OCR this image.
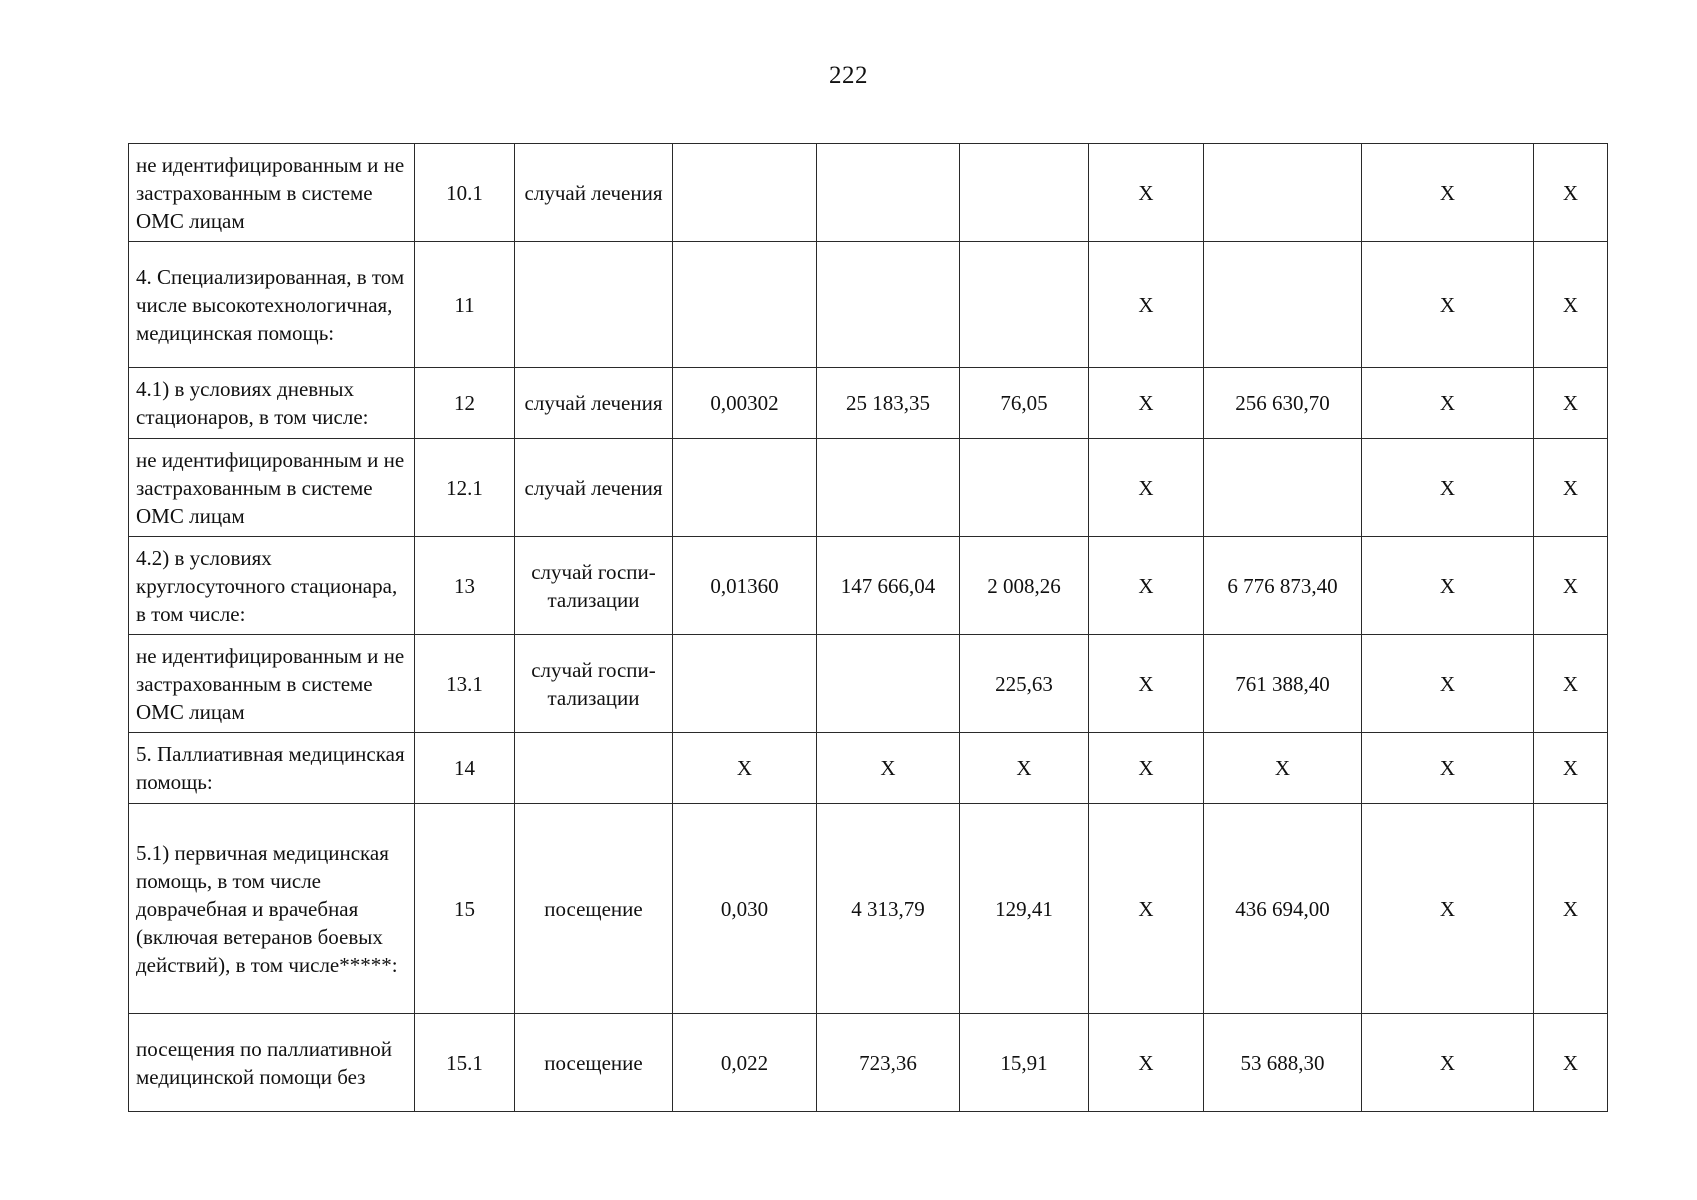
222
не идентифицированным и не застрахованным в системе ОМС лицам	10.1	случай лечения				X		X	X
4. Специализированная, в том числе высокотехнологичная, медицинская помощь:	11					X		X	X
4.1) в условиях дневных стационаров, в том числе:	12	случай лечения	0,00302	25 183,35	76,05	X	256 630,70	X	X
не идентифицированным и не застрахованным в системе ОМС лицам	12.1	случай лечения				X		X	X
4.2) в условиях круглосуточного стационара, в том числе:	13	случай госпи-тализации	0,01360	147 666,04	2 008,26	X	6 776 873,40	X	X
не идентифицированным и не застрахованным в системе ОМС лицам	13.1	случай госпи-тализации			225,63	X	761 388,40	X	X
5. Паллиативная медицинская помощь:	14		X	X	X	X	X	X	X
5.1) первичная медицинская помощь, в том числе доврачебная и врачебная (включая ветеранов боевых действий), в том числе*****:	15	посещение	0,030	4 313,79	129,41	X	436 694,00	X	X
посещения по паллиативной медицинской помощи без	15.1	посещение	0,022	723,36	15,91	X	53 688,30	X	X
